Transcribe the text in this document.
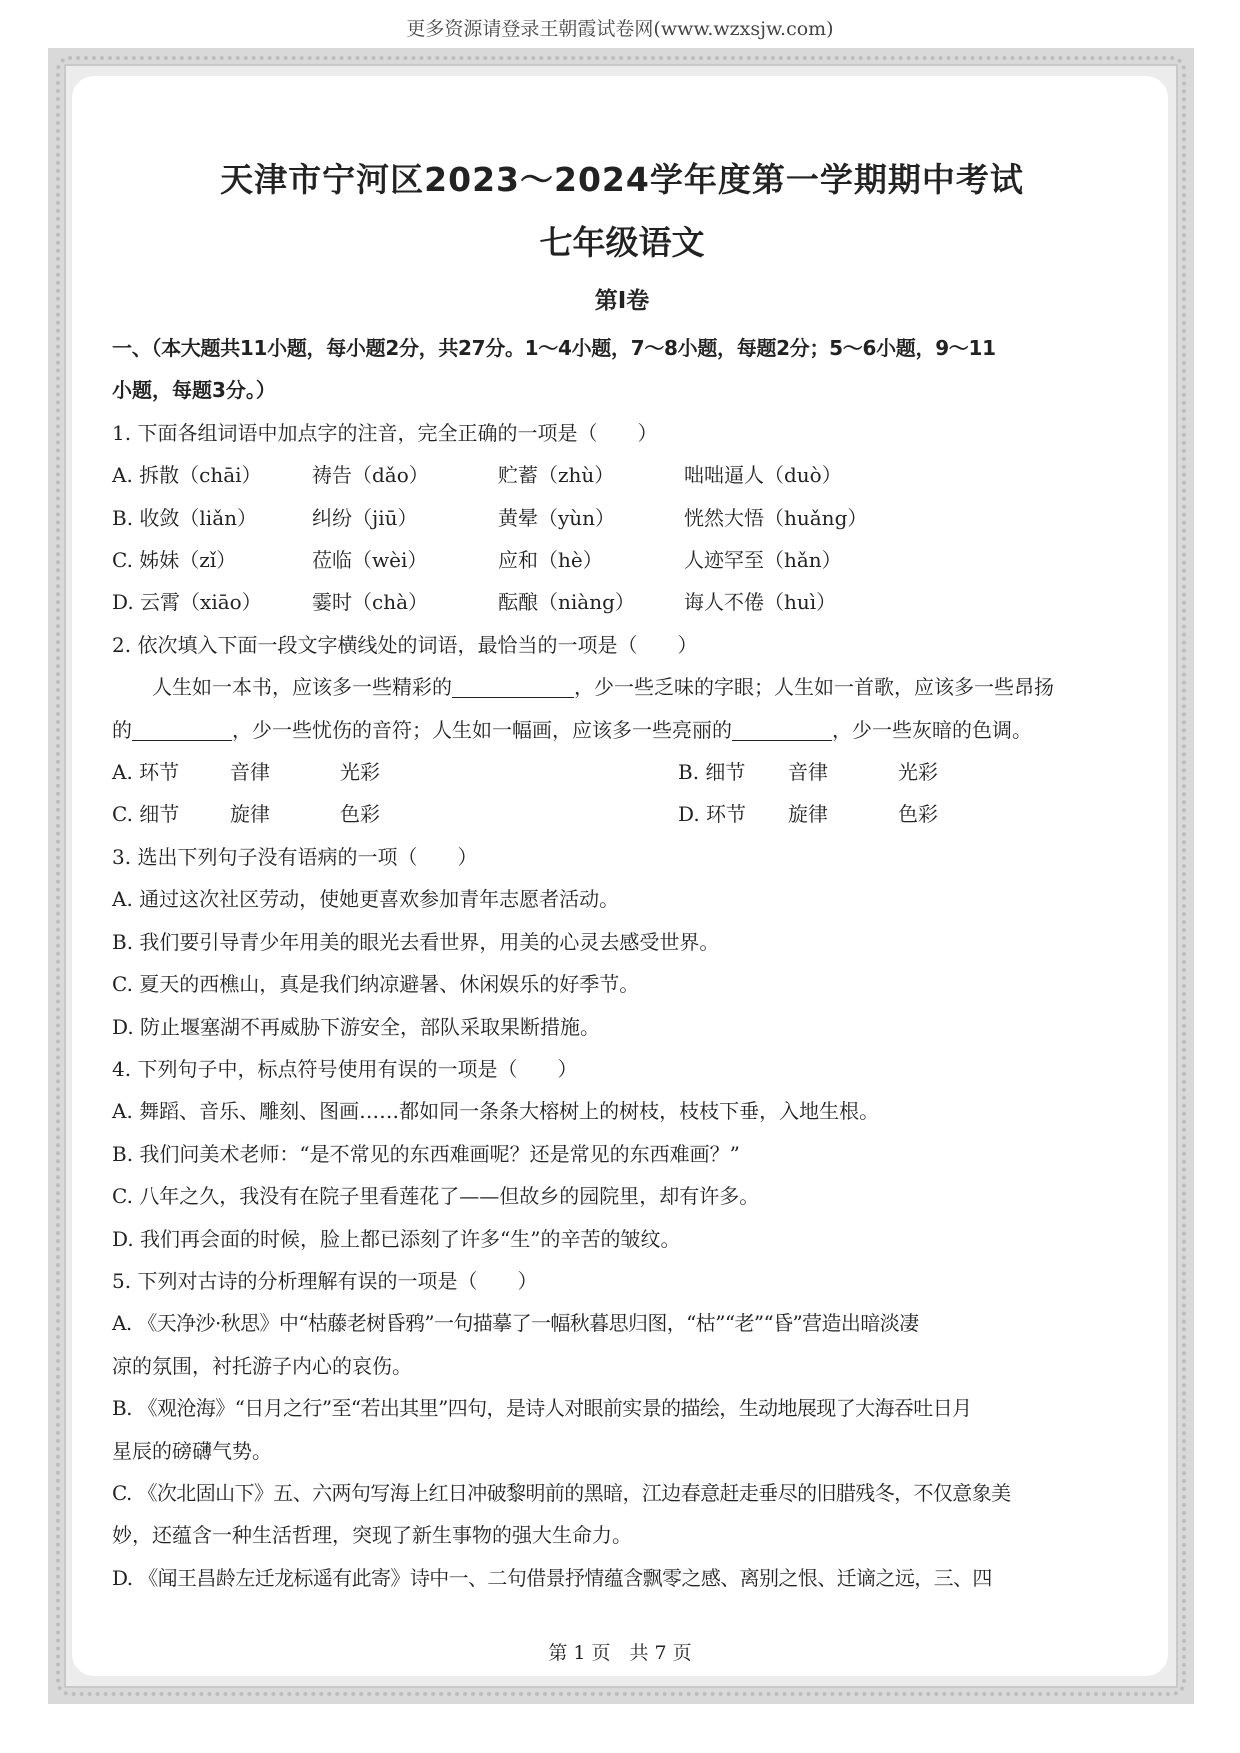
更多资源请登录王朝霞试卷网(www.wzxsjw.com)
天津市宁河区2023～2024学年度第一学期期中考试
七年级语文
第Ⅰ卷
一、（本大题共11小题，每小题2分，共27分。1～4小题，7～8小题，每题2分；5～6小题，9～11
小题，每题3分。）
1. 下面各组词语中加点字的注音，完全正确的一项是（　　）
A. 拆散（chāi）	祷告（dǎo）	贮蓄（zhù）	咄咄逼人（duò）
B. 收敛（liǎn）	纠纷（jiū）	黄晕（yùn）	恍然大悟（huǎng）
C. 姊妹（zǐ）	莅临（wèi）	应和（hè）	人迹罕至（hǎn）
D. 云霄（xiāo）	霎时（chà）	酝酿（niàng）	诲人不倦（huì）
2. 依次填入下面一段文字横线处的词语，最恰当的一项是（　　）
人生如一本书，应该多一些精彩的	，少一些乏味的字眼；人生如一首歌，应该多一些昂扬
的	，少一些忧伤的音符；人生如一幅画，应该多一些亮丽的	，少一些灰暗的色调。
A. 环节	音律	光彩	B. 细节	音律	光彩
C. 细节	旋律	色彩	D. 环节	旋律	色彩
3. 选出下列句子没有语病的一项（　　）
A. 通过这次社区劳动，使她更喜欢参加青年志愿者活动。
B. 我们要引导青少年用美的眼光去看世界，用美的心灵去感受世界。
C. 夏天的西樵山，真是我们纳凉避暑、休闲娱乐的好季节。
D. 防止堰塞湖不再威胁下游安全，部队采取果断措施。
4. 下列句子中，标点符号使用有误的一项是（　　）
A. 舞蹈、音乐、雕刻、图画……都如同一条条大榕树上的树枝，枝枝下垂，入地生根。
B. 我们问美术老师：“是不常见的东西难画呢？还是常见的东西难画？”
C. 八年之久，我没有在院子里看莲花了——但故乡的园院里，却有许多。
D. 我们再会面的时候，脸上都已添刻了许多“生”的辛苦的皱纹。
5. 下列对古诗的分析理解有误的一项是（　　）
A. 《天净沙·秋思》中“枯藤老树昏鸦”一句描摹了一幅秋暮思归图，“枯”“老”“昏”营造出暗淡凄
凉的氛围，衬托游子内心的哀伤。
B. 《观沧海》“日月之行”至“若出其里”四句，是诗人对眼前实景的描绘，生动地展现了大海吞吐日月
星辰的磅礴气势。
C. 《次北固山下》五、六两句写海上红日冲破黎明前的黑暗，江边春意赶走垂尽的旧腊残冬，不仅意象美
妙，还蕴含一种生活哲理，突现了新生事物的强大生命力。
D. 《闻王昌龄左迁龙标遥有此寄》诗中一、二句借景抒情蕴含飘零之感、离别之恨、迁谪之远，三、四
第 1 页　共 7 页
